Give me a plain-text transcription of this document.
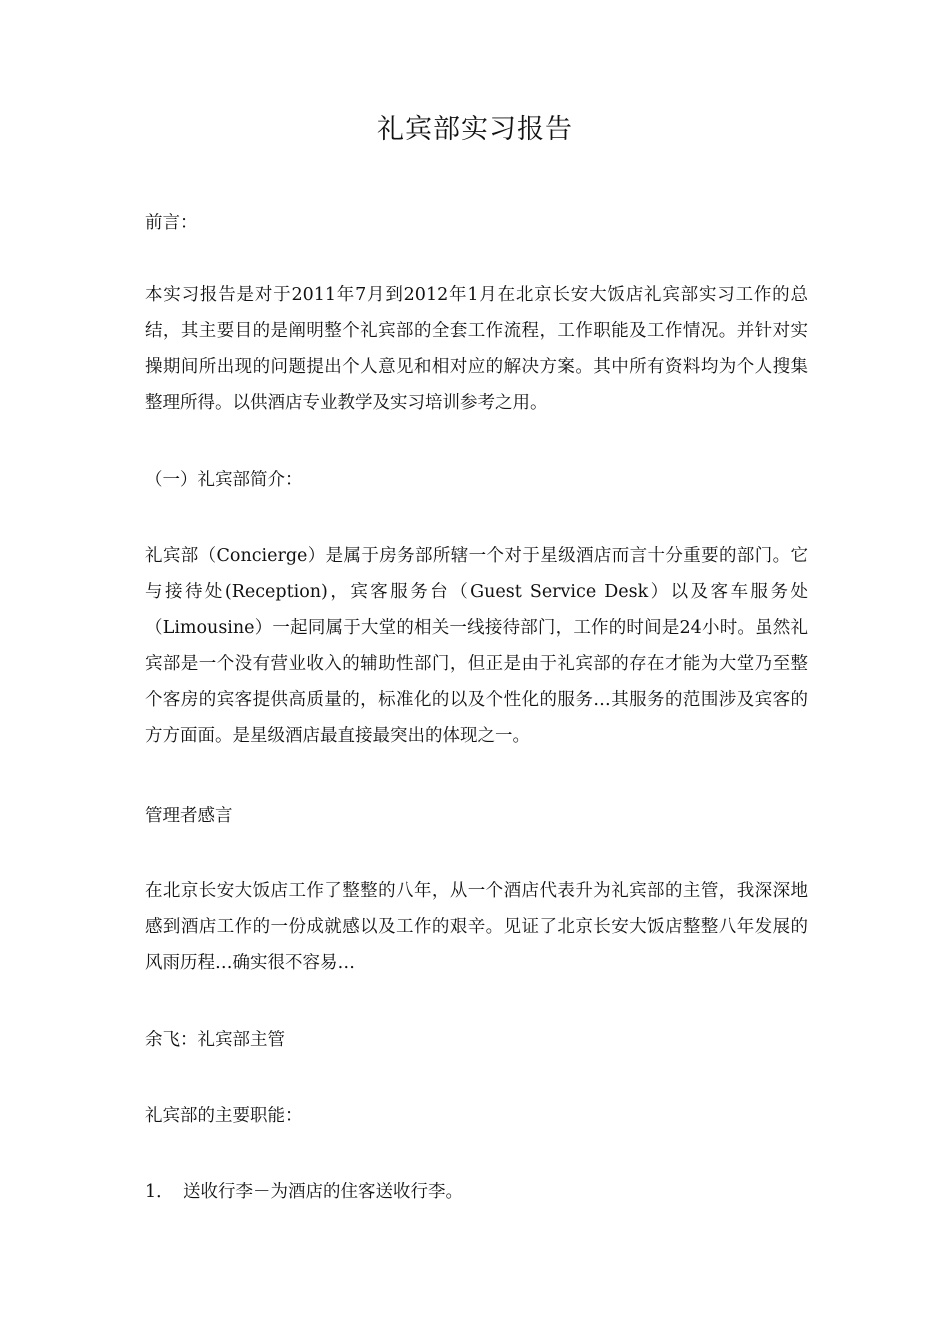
礼宾部实习报告

前言：

本实习报告是对于2011年7月到2012年1月在北京长安大饭店礼宾部实习工作的总结，其主要目的是阐明整个礼宾部的全套工作流程，工作职能及工作情况。并针对实操期间所出现的问题提出个人意见和相对应的解决方案。其中所有资料均为个人搜集整理所得。以供酒店专业教学及实习培训参考之用。

（一）礼宾部简介：

礼宾部（Concierge）是属于房务部所辖一个对于星级酒店而言十分重要的部门。它与接待处(Reception)，宾客服务台（Guest Service Desk）以及客车服务处（Limousine）一起同属于大堂的相关一线接待部门，工作的时间是24小时。虽然礼宾部是一个没有营业收入的辅助性部门，但正是由于礼宾部的存在才能为大堂乃至整个客房的宾客提供高质量的，标准化的以及个性化的服务…其服务的范围涉及宾客的方方面面。是星级酒店最直接最突出的体现之一。

管理者感言

在北京长安大饭店工作了整整的八年，从一个酒店代表升为礼宾部的主管，我深深地感到酒店工作的一份成就感以及工作的艰辛。见证了北京长安大饭店整整八年发展的风雨历程…确实很不容易…

余飞：礼宾部主管

礼宾部的主要职能：

1． 送收行李－为酒店的住客送收行李。
